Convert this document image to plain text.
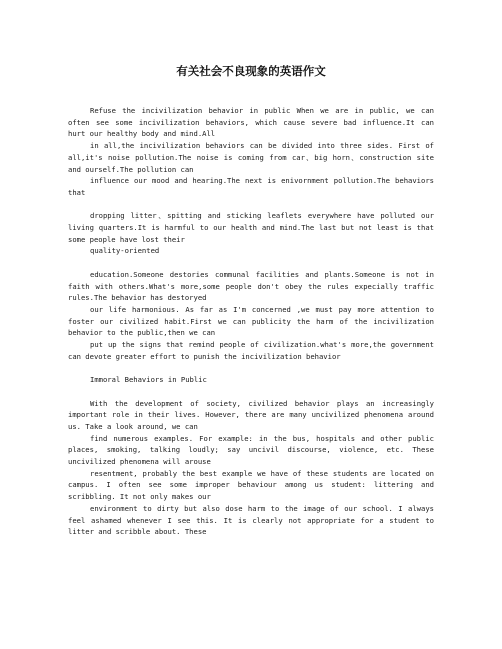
有关社会不良现象的英语作文

Refuse the incivilization behavior in public When we are in public, we can often see some incivilization behaviors, which cause severe bad influence.It can hurt our healthy body and mind.All

in all,the incivilization behaviors can be divided into three sides. First of all,it's noise pollution.The noise is coming from car、big horn、construction site and ourself.The pollution can

influence our mood and hearing.The next is enivornment pollution.The behaviors that

dropping litter、spitting and sticking leaflets everywhere have polluted our living quarters.It is harmful to our health and mind.The last but not least is that some people have lost their

quality-oriented

education.Someone destories communal facilities and plants.Someone is not in faith with others.What's more,some people don't obey the rules expecially traffic rules.The behavior has destoryed

our life harmonious. As far as I'm concerned ,we must pay more attention to foster our civilized habit.First we can publicity the harm of the incivilization behavior to the public,then we can

put up the signs that remind people of civilization.what's more,the government can devote greater effort to punish the incivilization behavior

Immoral Behaviors in Public

With the development of society, civilized behavior plays an increasingly important role in their lives. However, there are many uncivilized phenomena around us. Take a look around, we can

find numerous examples. For example: in the bus, hospitals and other public places, smoking, talking loudly; say uncivil discourse, violence, etc. These uncivilized phenomena will arouse

resentment, probably the best example we have of these students are located on campus. I often see some improper behaviour among us student: littering and scribbling. It not only makes our

environment to dirty but also dose harm to the image of our school. I always feel ashamed whenever I see this. It is clearly not appropriate for a student to litter and scribble about. These
